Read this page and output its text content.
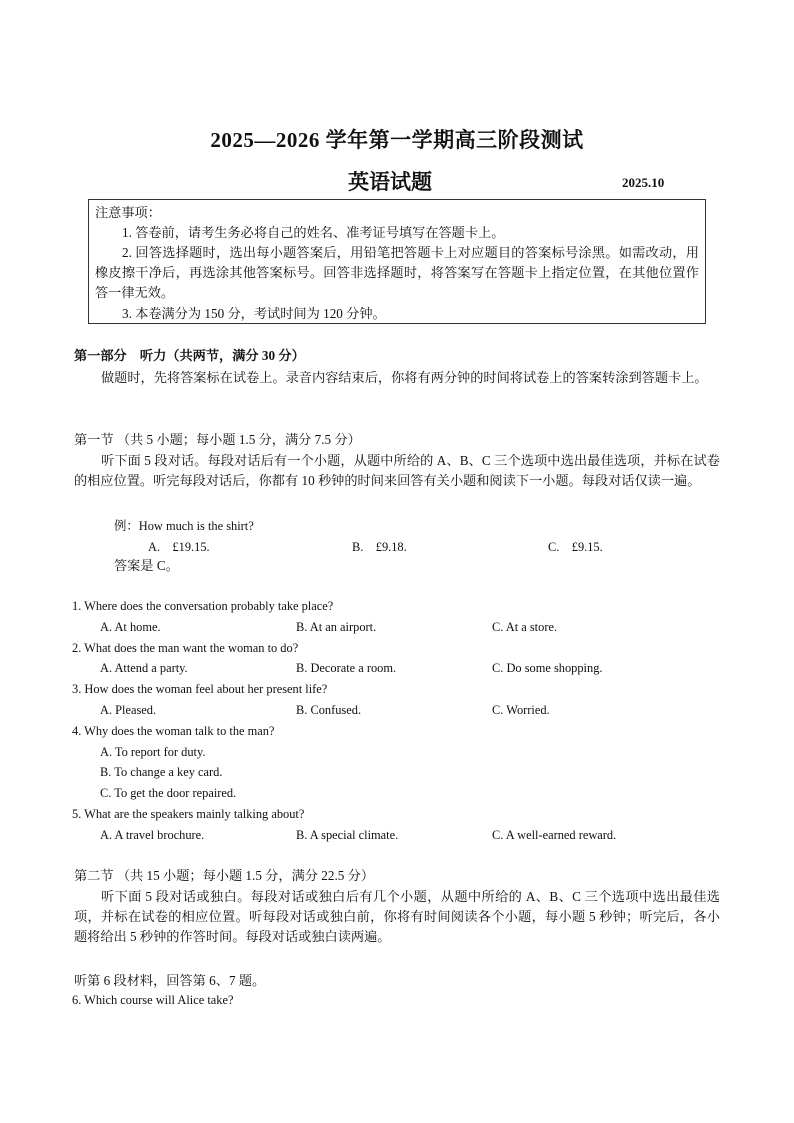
2025—2026 学年第一学期高三阶段测试
英语试题	2025.10
注意事项：
1. 答卷前，请考生务必将自己的姓名、准考证号填写在答题卡上。
2. 回答选择题时，选出每小题答案后，用铅笔把答题卡上对应题目的答案标号涂黑。如需改动，用橡皮擦干净后，再选涂其他答案标号。回答非选择题时，将答案写在答题卡上指定位置，在其他位置作答一律无效。
3. 本卷满分为 150 分，考试时间为 120 分钟。
第一部分　听力（共两节，满分 30 分）
做题时，先将答案标在试卷上。录音内容结束后，你将有两分钟的时间将试卷上的答案转涂到答题卡上。
第一节 （共 5 小题；每小题 1.5 分，满分 7.5 分）
听下面 5 段对话。每段对话后有一个小题，从题中所给的 A、B、C 三个选项中选出最佳选项，并标在试卷的相应位置。听完每段对话后，你都有 10 秒钟的时间来回答有关小题和阅读下一小题。每段对话仅读一遍。
例：How much is the shirt?
A.　£19.15.	B.　£9.18.	C.　£9.15.
答案是 C。
1. Where does the conversation probably take place?
A. At home.	B. At an airport.	C. At a store.
2. What does the man want the woman to do?
A. Attend a party.	B. Decorate a room.	C. Do some shopping.
3. How does the woman feel about her present life?
A. Pleased.	B. Confused.	C. Worried.
4. Why does the woman talk to the man?
A. To report for duty.
B. To change a key card.
C. To get the door repaired.
5. What are the speakers mainly talking about?
A. A travel brochure.	B. A special climate.	C. A well-earned reward.
第二节 （共 15 小题；每小题 1.5 分，满分 22.5 分）
听下面 5 段对话或独白。每段对话或独白后有几个小题，从题中所给的 A、B、C 三个选项中选出最佳选项，并标在试卷的相应位置。听每段对话或独白前，你将有时间阅读各个小题，每小题 5 秒钟；听完后，各小题将给出 5 秒钟的作答时间。每段对话或独白读两遍。
听第 6 段材料，回答第 6、7 题。
6. Which course will Alice take?
